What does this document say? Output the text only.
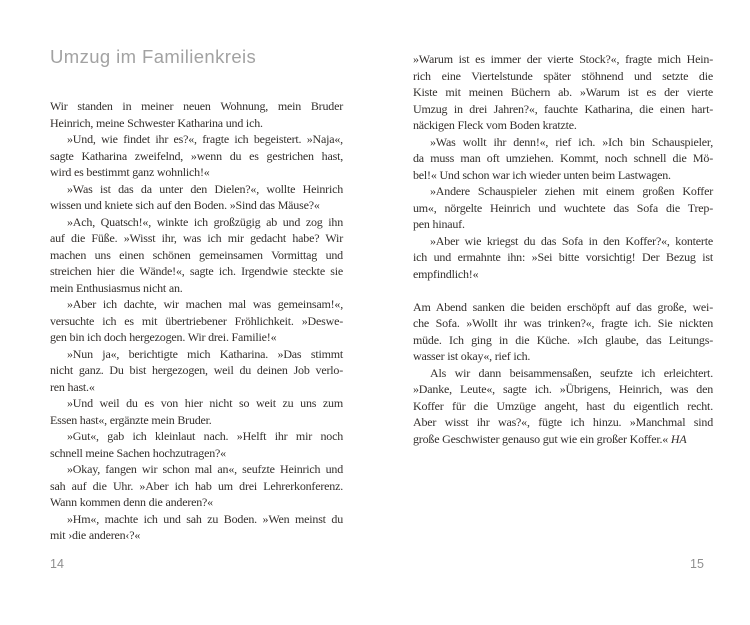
Umzug im Familienkreis
Wir standen in meiner neuen Wohnung, mein Bruder
Heinrich, meine Schwester Katharina und ich.
»Und, wie findet ihr es?«, fragte ich begeistert. »Naja«,
sagte Katharina zweifelnd, »wenn du es gestrichen hast,
wird es bestimmt ganz wohnlich!«
»Was ist das da unter den Dielen?«, wollte Heinrich
wissen und kniete sich auf den Boden. »Sind das Mäuse?«
»Ach, Quatsch!«, winkte ich großzügig ab und zog ihn
auf die Füße. »Wisst ihr, was ich mir gedacht habe? Wir
machen uns einen schönen gemeinsamen Vormittag und
streichen hier die Wände!«, sagte ich. Irgendwie steckte sie
mein Enthusiasmus nicht an.
»Aber ich dachte, wir machen mal was gemeinsam!«,
versuchte ich es mit übertriebener Fröhlichkeit. »Deswe-
gen bin ich doch hergezogen. Wir drei. Familie!«
»Nun ja«, berichtigte mich Katharina. »Das stimmt
nicht ganz. Du bist hergezogen, weil du deinen Job verlo-
ren hast.«
»Und weil du es von hier nicht so weit zu uns zum
Essen hast«, ergänzte mein Bruder.
»Gut«, gab ich kleinlaut nach. »Helft ihr mir noch
schnell meine Sachen hochzutragen?«
»Okay, fangen wir schon mal an«, seufzte Heinrich und
sah auf die Uhr. »Aber ich hab um drei Lehrerkonferenz.
Wann kommen denn die anderen?«
»Hm«, machte ich und sah zu Boden. »Wen meinst du
mit ›die anderen‹?«
»Warum ist es immer der vierte Stock?«, fragte mich Hein-
rich eine Viertelstunde später stöhnend und setzte die
Kiste mit meinen Büchern ab. »Warum ist es der vierte
Umzug in drei Jahren?«, fauchte Katharina, die einen hart-
näckigen Fleck vom Boden kratzte.
»Was wollt ihr denn!«, rief ich. »Ich bin Schauspieler,
da muss man oft umziehen. Kommt, noch schnell die Mö-
bel!« Und schon war ich wieder unten beim Lastwagen.
»Andere Schauspieler ziehen mit einem großen Koffer
um«, nörgelte Heinrich und wuchtete das Sofa die Trep-
pen hinauf.
»Aber wie kriegst du das Sofa in den Koffer?«, konterte
ich und ermahnte ihn: »Sei bitte vorsichtig! Der Bezug ist
empfindlich!«
Am Abend sanken die beiden erschöpft auf das große, wei-
che Sofa. »Wollt ihr was trinken?«, fragte ich. Sie nickten
müde. Ich ging in die Küche. »Ich glaube, das Leitungs-
wasser ist okay«, rief ich.
Als wir dann beisammensaßen, seufzte ich erleichtert.
»Danke, Leute«, sagte ich. »Übrigens, Heinrich, was den
Koffer für die Umzüge angeht, hast du eigentlich recht.
Aber wisst ihr was?«, fügte ich hinzu. »Manchmal sind
große Geschwister genauso gut wie ein großer Koffer.« HA
14	15
